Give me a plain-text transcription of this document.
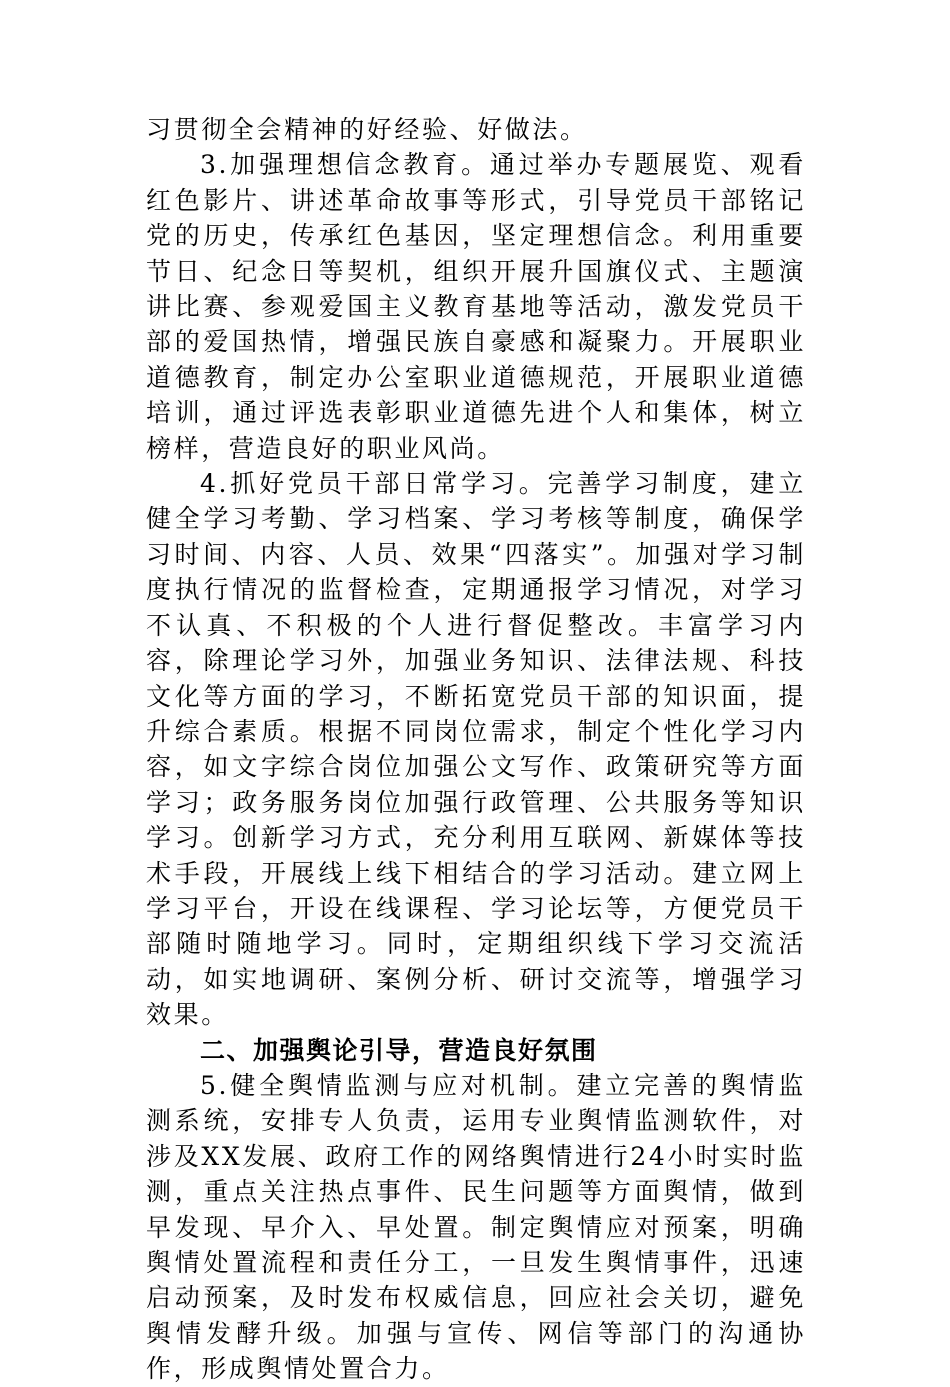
习贯彻全会精神的好经验、好做法。

3.加强理想信念教育。通过举办专题展览、观看红色影片、讲述革命故事等形式，引导党员干部铭记党的历史，传承红色基因，坚定理想信念。利用重要节日、纪念日等契机，组织开展升国旗仪式、主题演讲比赛、参观爱国主义教育基地等活动，激发党员干部的爱国热情，增强民族自豪感和凝聚力。开展职业道德教育，制定办公室职业道德规范，开展职业道德培训，通过评选表彰职业道德先进个人和集体，树立榜样，营造良好的职业风尚。

4.抓好党员干部日常学习。完善学习制度，建立健全学习考勤、学习档案、学习考核等制度，确保学习时间、内容、人员、效果“四落实”。加强对学习制度执行情况的监督检查，定期通报学习情况，对学习不认真、不积极的个人进行督促整改。丰富学习内容，除理论学习外，加强业务知识、法律法规、科技文化等方面的学习，不断拓宽党员干部的知识面，提升综合素质。根据不同岗位需求，制定个性化学习内容，如文字综合岗位加强公文写作、政策研究等方面学习；政务服务岗位加强行政管理、公共服务等知识学习。创新学习方式，充分利用互联网、新媒体等技术手段，开展线上线下相结合的学习活动。建立网上学习平台，开设在线课程、学习论坛等，方便党员干部随时随地学习。同时，定期组织线下学习交流活动，如实地调研、案例分析、研讨交流等，增强学习效果。

二、加强舆论引导，营造良好氛围

5.健全舆情监测与应对机制。建立完善的舆情监测系统，安排专人负责，运用专业舆情监测软件，对涉及XX发展、政府工作的网络舆情进行24小时实时监测，重点关注热点事件、民生问题等方面舆情，做到早发现、早介入、早处置。制定舆情应对预案，明确舆情处置流程和责任分工，一旦发生舆情事件，迅速启动预案，及时发布权威信息，回应社会关切，避免舆情发酵升级。加强与宣传、网信等部门的沟通协作，形成舆情处置合力。
